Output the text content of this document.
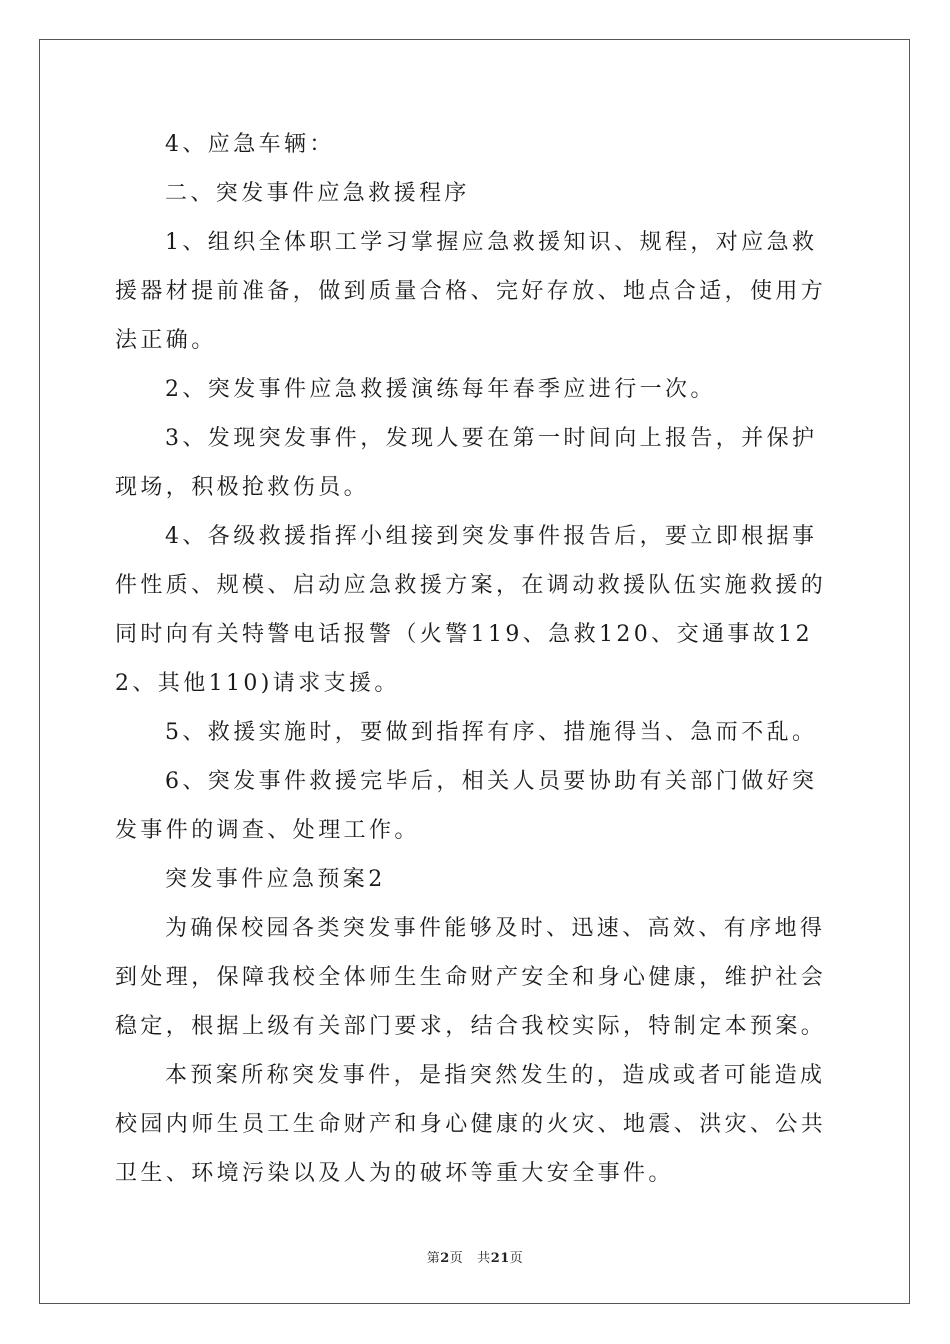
4、应急车辆：

二、突发事件应急救援程序

1、组织全体职工学习掌握应急救援知识、规程，对应急救援器材提前准备，做到质量合格、完好存放、地点合适，使用方法正确。

2、突发事件应急救援演练每年春季应进行一次。

3、发现突发事件，发现人要在第一时间向上报告，并保护现场，积极抢救伤员。

4、各级救援指挥小组接到突发事件报告后，要立即根据事件性质、规模、启动应急救援方案，在调动救援队伍实施救援的同时向有关特警电话报警（火警119、急救120、交通事故122、其他110)请求支援。

5、救援实施时，要做到指挥有序、措施得当、急而不乱。

6、突发事件救援完毕后，相关人员要协助有关部门做好突发事件的调查、处理工作。

突发事件应急预案2

为确保校园各类突发事件能够及时、迅速、高效、有序地得到处理，保障我校全体师生生命财产安全和身心健康，维护社会稳定，根据上级有关部门要求，结合我校实际，特制定本预案。

本预案所称突发事件，是指突然发生的，造成或者可能造成校园内师生员工生命财产和身心健康的火灾、地震、洪灾、公共卫生、环境污染以及人为的破坏等重大安全事件。

第2页 共21页
